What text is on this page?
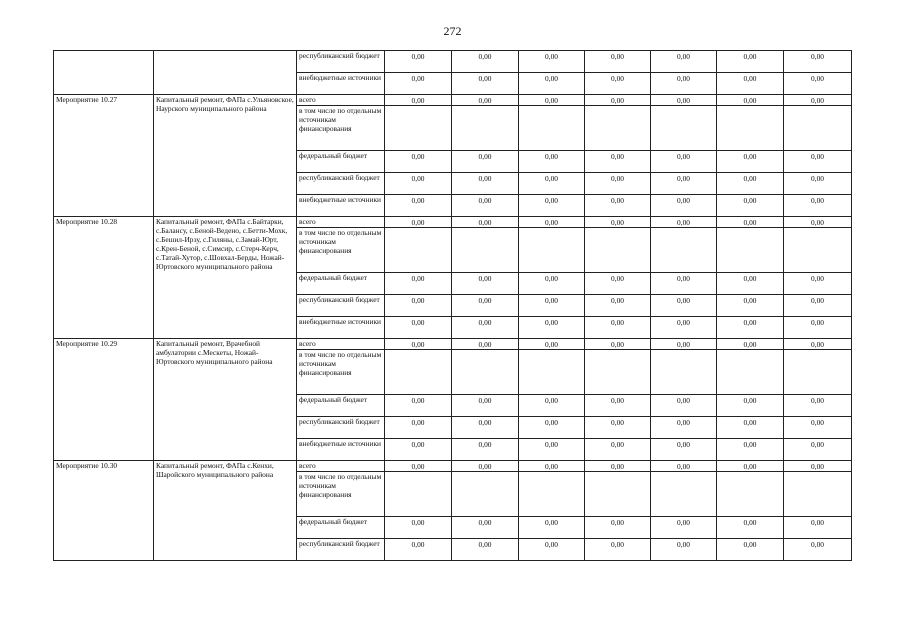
272
		республиканский бюджет	0,00	0,00	0,00	0,00	0,00	0,00	0,00
		внебюджетные источники	0,00	0,00	0,00	0,00	0,00	0,00	0,00
Мероприятие 10.27	Капитальный ремонт, ФАПа с.Ульяновское, Наурского муниципального района	всего	0,00	0,00	0,00	0,00	0,00	0,00	0,00
		в том числе по отдельным источникам финансирования							
		федеральный бюджет	0,00	0,00	0,00	0,00	0,00	0,00	0,00
		республиканский бюджет	0,00	0,00	0,00	0,00	0,00	0,00	0,00
		внебюджетные источники	0,00	0,00	0,00	0,00	0,00	0,00	0,00
Мероприятие 10.28	Капитальный ремонт, ФАПа с.Байтарки, с.Балансу, с.Беной-Ведено, с.Бетти-Мохк, с.Бешил-Ирзу, с.Гиляны, с.Замай-Юрт, с.Крен-Беной, с.Симсир, с.Стерч-Керч, с.Татай-Хутор, с.Шовхал-Берды, Ножай-Юртовского муниципального района	всего	0,00	0,00	0,00	0,00	0,00	0,00	0,00
		в том числе по отдельным источникам финансирования							
		федеральный бюджет	0,00	0,00	0,00	0,00	0,00	0,00	0,00
		республиканский бюджет	0,00	0,00	0,00	0,00	0,00	0,00	0,00
		внебюджетные источники	0,00	0,00	0,00	0,00	0,00	0,00	0,00
Мероприятие 10.29	Капитальный ремонт, Врачебной амбулатории с.Мескеты, Ножай-Юртовского муниципального района	всего	0,00	0,00	0,00	0,00	0,00	0,00	0,00
		в том числе по отдельным источникам финансирования							
		федеральный бюджет	0,00	0,00	0,00	0,00	0,00	0,00	0,00
		республиканский бюджет	0,00	0,00	0,00	0,00	0,00	0,00	0,00
		внебюджетные источники	0,00	0,00	0,00	0,00	0,00	0,00	0,00
Мероприятие 10.30	Капитальный ремонт, ФАПа с.Кенхи, Шаройского муниципального района	всего	0,00	0,00	0,00	0,00	0,00	0,00	0,00
		в том числе по отдельным источникам финансирования							
		федеральный бюджет	0,00	0,00	0,00	0,00	0,00	0,00	0,00
		республиканский бюджет	0,00	0,00	0,00	0,00	0,00	0,00	0,00
